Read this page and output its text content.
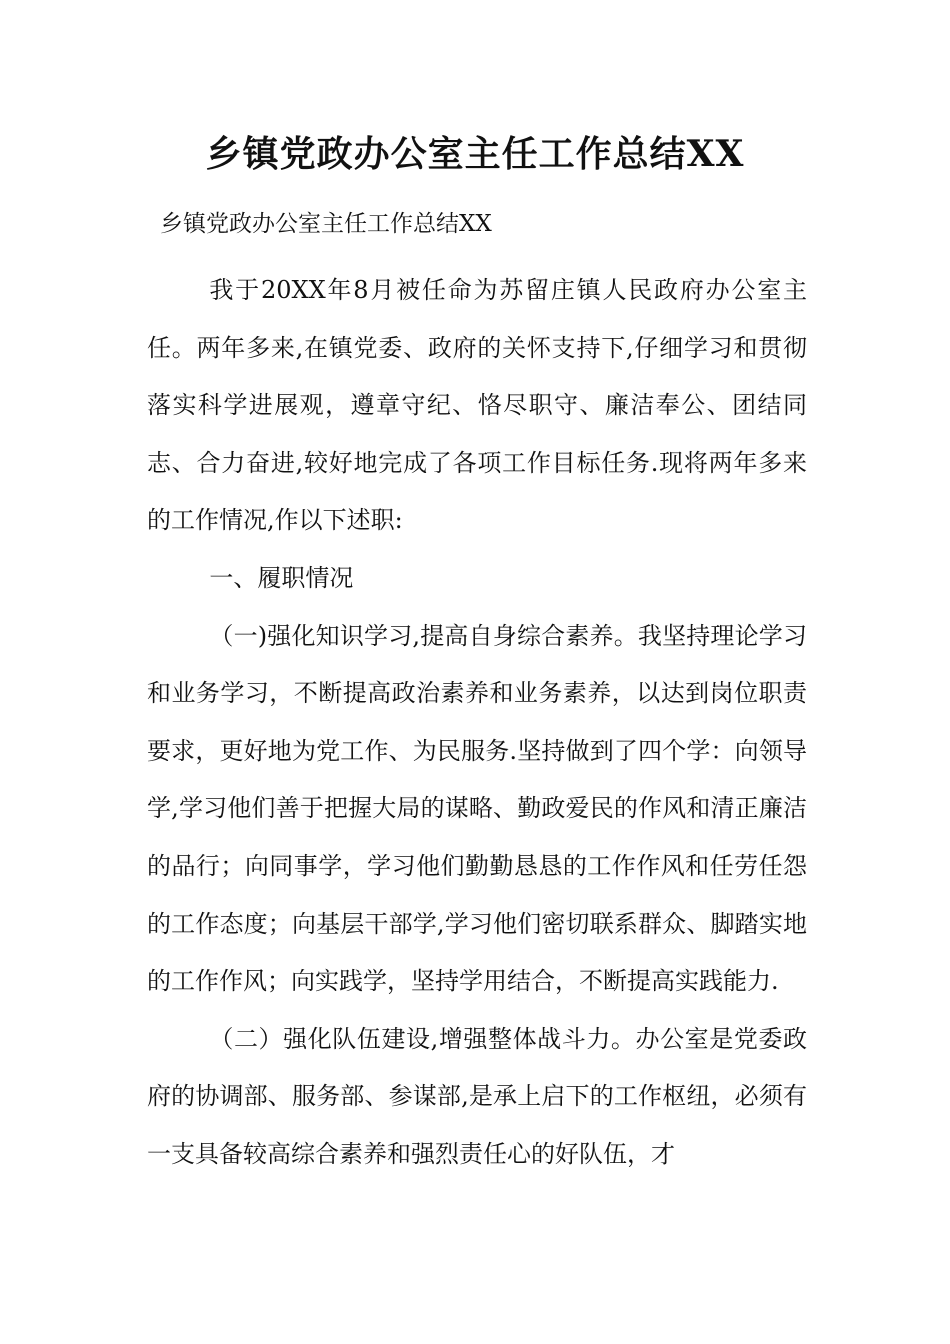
乡镇党政办公室主任工作总结XX

乡镇党政办公室主任工作总结XX

我于20XX年8月被任命为苏留庄镇人民政府办公室主任。两年多来,在镇党委、政府的关怀支持下,仔细学习和贯彻落实科学进展观，遵章守纪、恪尽职守、廉洁奉公、团结同志、合力奋进,较好地完成了各项工作目标任务.现将两年多来的工作情况,作以下述职:

一、履职情况

（一)强化知识学习,提高自身综合素养。我坚持理论学习和业务学习，不断提高政治素养和业务素养，以达到岗位职责要求，更好地为党工作、为民服务.坚持做到了四个学：向领导学,学习他们善于把握大局的谋略、勤政爱民的作风和清正廉洁的品行；向同事学，学习他们勤勤恳恳的工作作风和任劳任怨的工作态度；向基层干部学,学习他们密切联系群众、脚踏实地的工作作风；向实践学，坚持学用结合，不断提高实践能力.

（二）强化队伍建设,增强整体战斗力。办公室是党委政府的协调部、服务部、参谋部,是承上启下的工作枢纽，必须有一支具备较高综合素养和强烈责任心的好队伍，才
